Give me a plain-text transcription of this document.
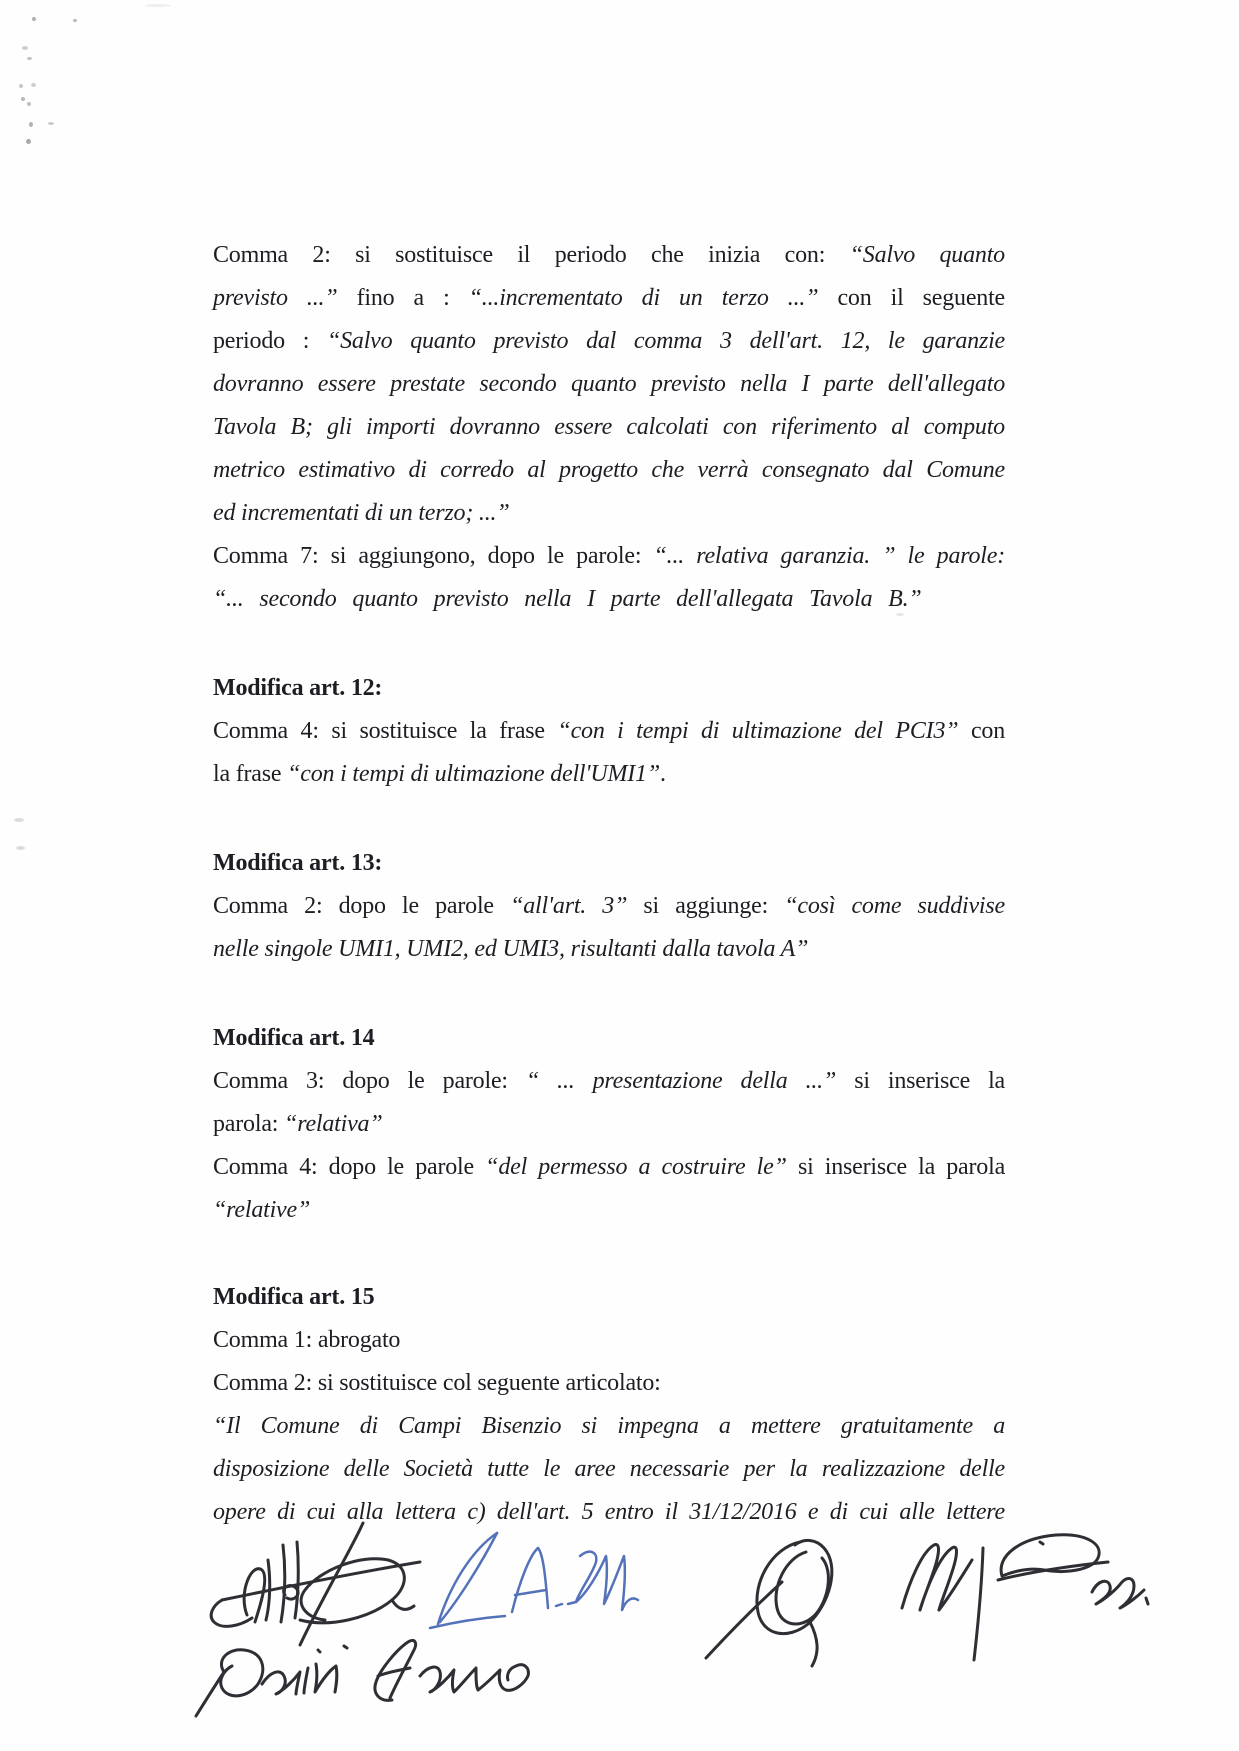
Comma 2: si sostituisce il periodo che inizia con: “Salvo quanto
previsto ...” fino a : “...incrementato di un terzo ...” con il seguente
periodo : “Salvo quanto previsto dal comma 3 dell'art. 12, le garanzie
dovranno essere prestate secondo quanto previsto nella I parte dell'allegato
Tavola B; gli importi dovranno essere calcolati con riferimento al computo
metrico estimativo di corredo al progetto che verrà consegnato dal Comune
ed incrementati di un terzo; ...”
Comma 7: si aggiungono, dopo le parole: “... relativa garanzia. ” le parole:
“... secondo quanto previsto nella I parte dell'allegata Tavola B.”
Modifica art. 12:
Comma 4: si sostituisce la frase “con i tempi di ultimazione del PCI3” con
la frase “con i tempi di ultimazione dell'UMI1”.
Modifica art. 13:
Comma 2: dopo le parole “all'art. 3” si aggiunge: “così come suddivise
nelle singole UMI1, UMI2, ed UMI3, risultanti dalla tavola A”
Modifica art. 14
Comma 3: dopo le parole: “ ... presentazione della ...” si inserisce la
parola: “relativa”
Comma 4: dopo le parole “del permesso a costruire le” si inserisce la parola
“relative”
Modifica art. 15
Comma 1: abrogato
Comma 2: si sostituisce col seguente articolato:
“Il Comune di Campi Bisenzio si impegna a mettere gratuitamente a
disposizione delle Società tutte le aree necessarie per la realizzazione delle
opere di cui alla lettera c) dell'art. 5 entro il 31/12/2016 e di cui alle lettere
